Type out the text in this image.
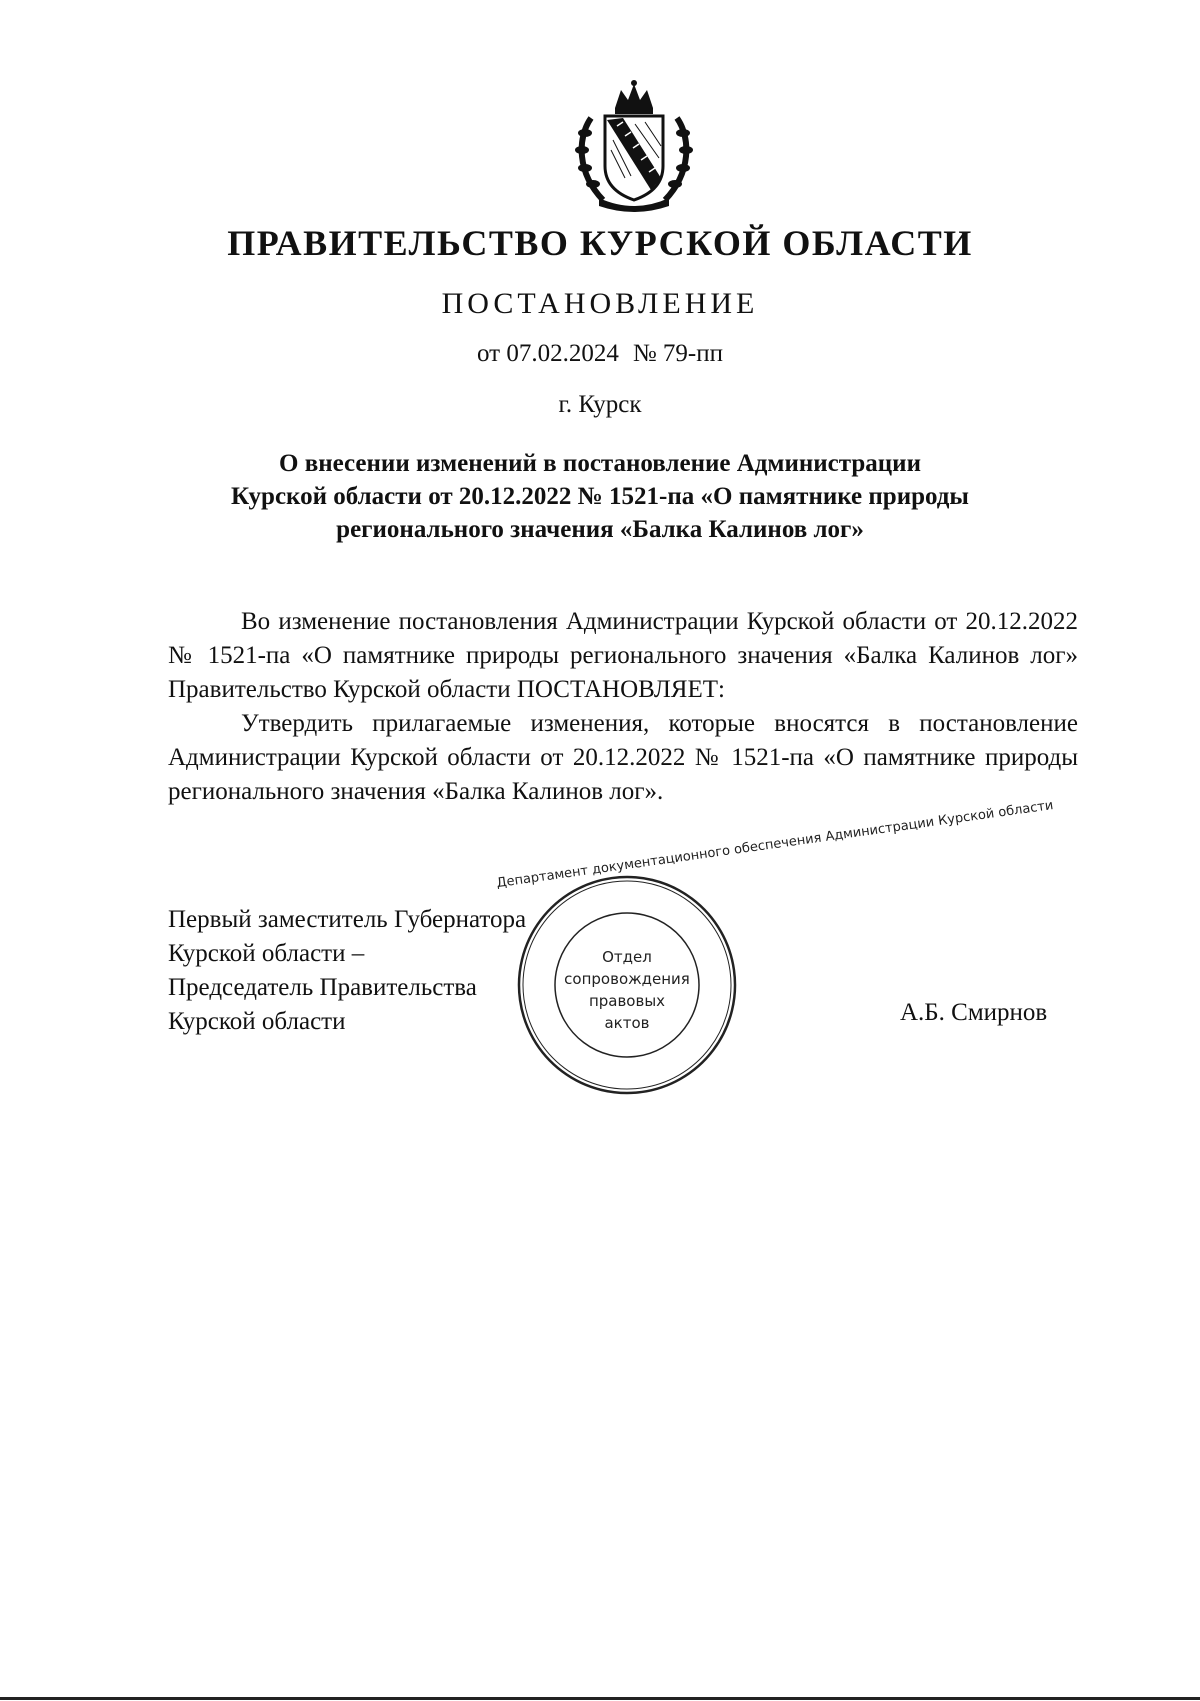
ПРАВИТЕЛЬСТВО КУРСКОЙ ОБЛАСТИ
ПОСТАНОВЛЕНИЕ
от 07.02.2024 № 79-пп
г. Курск
О внесении изменений в постановление Администрации
Курской области от 20.12.2022 № 1521-па «О памятнике природы
регионального значения «Балка Калинов лог»

Во изменение постановления Администрации Курской области от 20.12.2022 № 1521-па «О памятнике природы регионального значения «Балка Калинов лог» Правительство Курской области ПОСТАНОВЛЯЕТ:

Утвердить прилагаемые изменения, которые вносятся в постановление Администрации Курской области от 20.12.2022 № 1521-па «О памятнике природы регионального значения «Балка Калинов лог».

Первый заместитель Губернатора
Курской области –
Председатель Правительства
Курской области
Департамент документационного обеспечения Администрации Курской области
Отдел
сопровождения
правовых
актов	А.Б. Смирнов
